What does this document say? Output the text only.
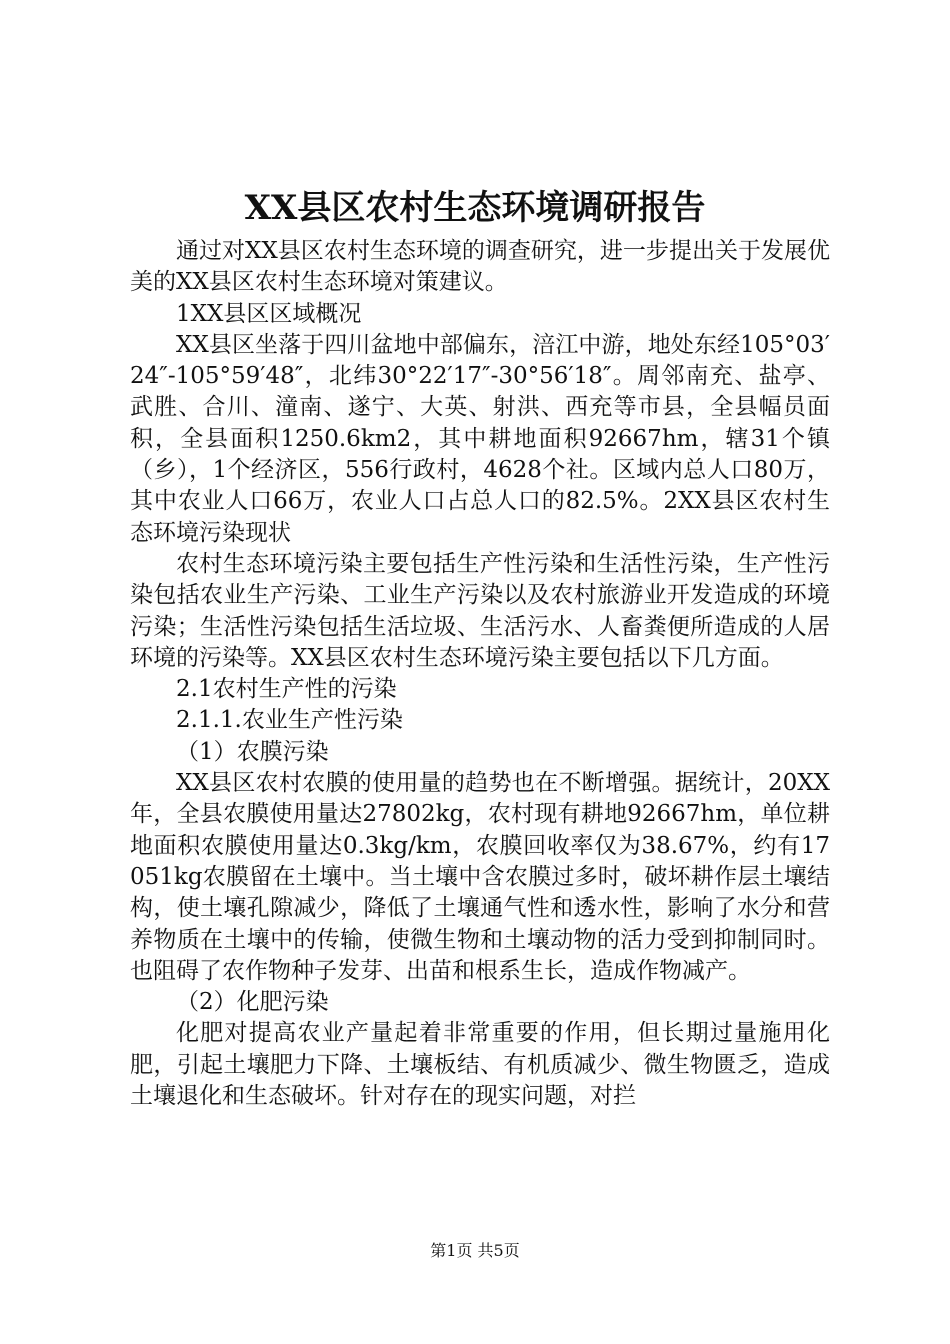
XX县区农村生态环境调研报告

通过对XX县区农村生态环境的调查研究，进一步提出关于发展优美的XX县区农村生态环境对策建议。

1XX县区区域概况

XX县区坐落于四川盆地中部偏东，涪江中游，地处东经105°03′24″-105°59′48″，北纬30°22′17″-30°56′18″。周邻南充、盐亭、武胜、合川、潼南、遂宁、大英、射洪、西充等市县，全县幅员面积，全县面积1250.6km2，其中耕地面积92667hm，辖31个镇（乡），1个经济区，556行政村，4628个社。区域内总人口80万，其中农业人口66万，农业人口占总人口的82.5%。2XX县区农村生态环境污染现状

农村生态环境污染主要包括生产性污染和生活性污染，生产性污染包括农业生产污染、工业生产污染以及农村旅游业开发造成的环境污染；生活性污染包括生活垃圾、生活污水、人畜粪便所造成的人居环境的污染等。XX县区农村生态环境污染主要包括以下几方面。

2.1农村生产性的污染

2.1.1.农业生产性污染

（1）农膜污染

XX县区农村农膜的使用量的趋势也在不断增强。据统计，20XX年，全县农膜使用量达27802kg，农村现有耕地92667hm，单位耕地面积农膜使用量达0.3kg/km，农膜回收率仅为38.67%，约有17051kg农膜留在土壤中。当土壤中含农膜过多时，破坏耕作层土壤结构，使土壤孔隙减少，降低了土壤通气性和透水性，影响了水分和营养物质在土壤中的传输，使微生物和土壤动物的活力受到抑制同时。也阻碍了农作物种子发芽、出苗和根系生长，造成作物减产。

（2）化肥污染

化肥对提高农业产量起着非常重要的作用，但长期过量施用化肥，引起土壤肥力下降、土壤板结、有机质减少、微生物匮乏，造成土壤退化和生态破坏。针对存在的现实问题，对拦

第1页 共5页
